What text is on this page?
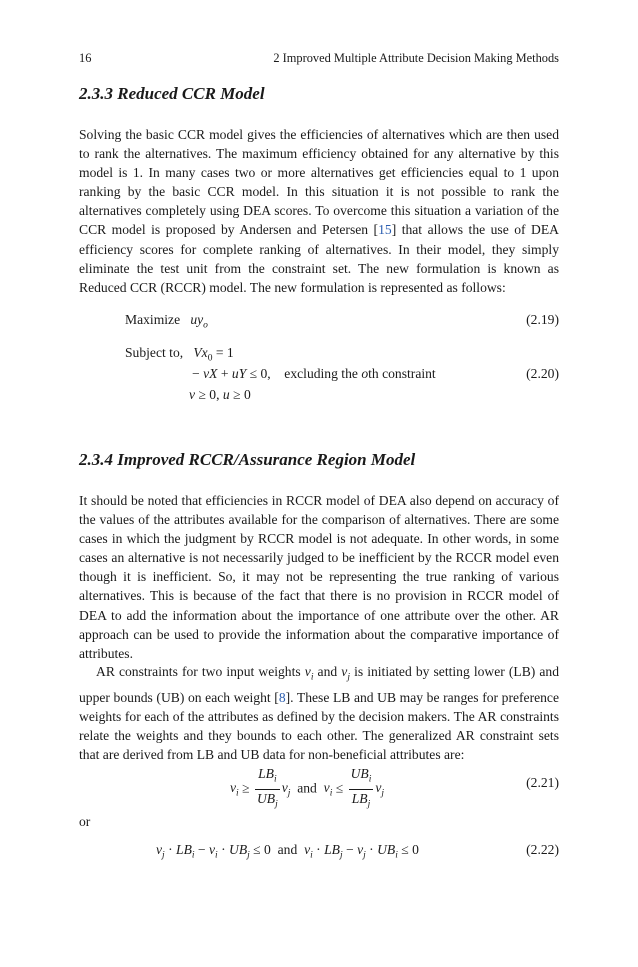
16	2 Improved Multiple Attribute Decision Making Methods
2.3.3 Reduced CCR Model

Solving the basic CCR model gives the efficiencies of alternatives which are then used to rank the alternatives. The maximum efficiency obtained for any alternative by this model is 1. In many cases two or more alternatives get efficiencies equal to 1 upon ranking by the basic CCR model. In this situation it is not possible to rank the alternatives completely using DEA scores. To overcome this situation a variation of the CCR model is proposed by Andersen and Petersen [15] that allows the use of DEA efficiency scores for complete ranking of alternatives. In their model, they simply eliminate the test unit from the constraint set. The new formulation is known as Reduced CCR (RCCR) model. The new formulation is represented as follows:

Maximize $uy_o$	(2.19)
Subject to, $Vx_0 = 1$
− vX + uY ≤ 0,    excluding the oth constraint	(2.20)
v ≥ 0, u ≥ 0
2.3.4 Improved RCCR/Assurance Region Model

It should be noted that efficiencies in RCCR model of DEA also depend on accuracy of the values of the attributes available for the comparison of alternatives. There are some cases in which the judgment by RCCR model is not adequate. In other words, in some cases an alternative is not necessarily judged to be inefficient by the RCCR model even though it is inefficient. So, it may not be representing the true ranking of various alternatives. This is because of the fact that there is no provision in RCCR model of DEA to add the information about the importance of one attribute over the other. AR approach can be used to provide the information about the comparative importance of attributes.

AR constraints for two input weights $v_i$ and $v_j$ is initiated by setting lower (LB) and upper bounds (UB) on each weight [8]. These LB and UB may be ranges for preference weights for each of the attributes as defined by the decision makers. The AR constraints relate the weights and they bounds to each other. The generalized AR constraint sets that are derived from LB and UB data for non-beneficial attributes are:

$v_i \ge \frac{LB_i}{UB_j} v_j$ and $v_i \le \frac{UB_i}{LB_j} v_j$
(2.21)
or
$v_j \cdot LB_i - v_i \cdot UB_j \le 0$  and $v_i \cdot LB_j - v_j \cdot UB_i \le 0$	(2.22)
